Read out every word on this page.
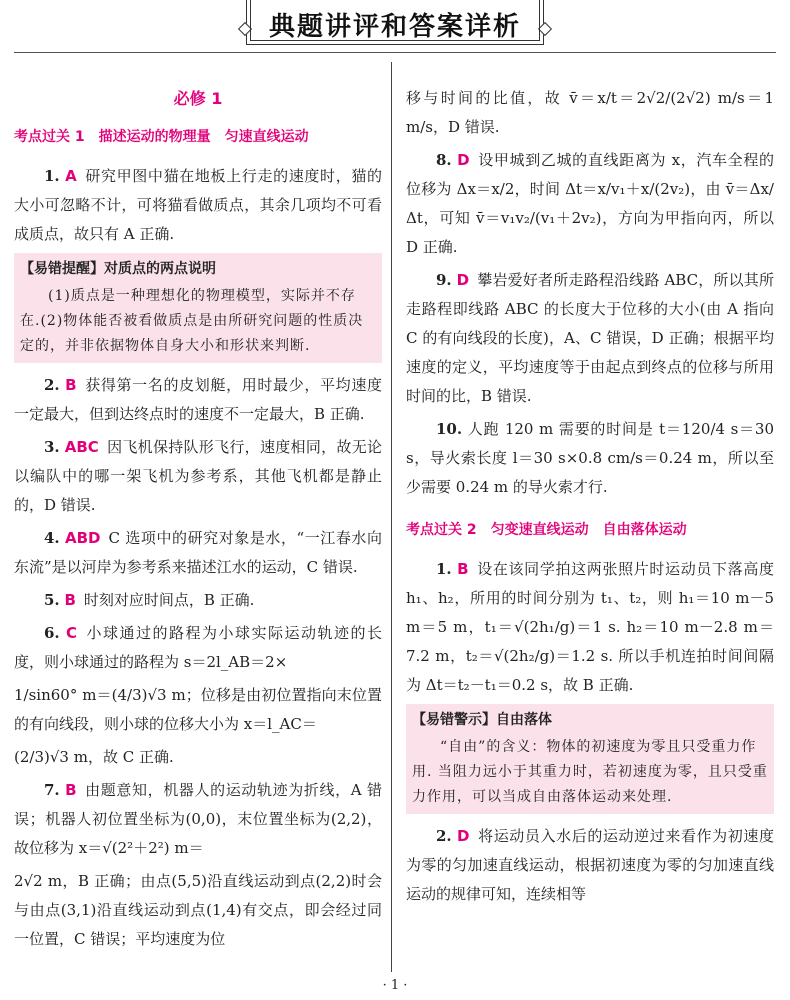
典题讲评和答案详析
必修 1
考点过关 1　描述运动的物理量　匀速直线运动

1. A 研究甲图中猫在地板上行走的速度时，猫的大小可忽略不计，可将猫看做质点，其余几项均不可看成质点，故只有 A 正确.

【易错提醒】对质点的两点说明
(1)质点是一种理想化的物理模型，实际并不存在.(2)物体能否被看做质点是由所研究问题的性质决定的，并非依据物体自身大小和形状来判断.

2. B 获得第一名的皮划艇，用时最少，平均速度一定最大，但到达终点时的速度不一定最大，B 正确.

3. ABC 因飞机保持队形飞行，速度相同，故无论以编队中的哪一架飞机为参考系，其他飞机都是静止的，D 错误.

4. ABD C 选项中的研究对象是水，“一江春水向东流”是以河岸为参考系来描述江水的运动，C 错误.

5. B 时刻对应时间点，B 正确.

6. C 小球通过的路程为小球实际运动轨迹的长度，则小球通过的路程为 s＝2l_AB＝2×

1/sin60° m＝(4/3)√3 m；位移是由初位置指向末位置的有向线段，则小球的位移大小为 x＝l_AC＝

(2/3)√3 m，故 C 正确.

7. B 由题意知，机器人的运动轨迹为折线，A 错误；机器人初位置坐标为(0,0)，末位置坐标为(2,2)，故位移为 x＝√(2²＋2²) m＝

2√2 m，B 正确；由点(5,5)沿直线运动到点(2,2)时会与由点(3,1)沿直线运动到点(1,4)有交点，即会经过同一位置，C 错误；平均速度为位

移与时间的比值，故 v̄＝x/t＝2√2/(2√2) m/s＝1 m/s，D 错误.

8. D 设甲城到乙城的直线距离为 x，汽车全程的位移为 Δx＝x/2，时间 Δt＝x/v₁＋x/(2v₂)，由 v̄＝Δx/Δt，可知 v̄＝v₁v₂/(v₁＋2v₂)，方向为甲指向丙，所以 D 正确.

9. D 攀岩爱好者所走路程沿线路 ABC，所以其所走路程即线路 ABC 的长度大于位移的大小(由 A 指向 C 的有向线段的长度)，A、C 错误，D 正确；根据平均速度的定义，平均速度等于由起点到终点的位移与所用时间的比，B 错误.

10. 人跑 120 m 需要的时间是 t＝120/4 s＝30 s，导火索长度 l＝30 s×0.8 cm/s＝0.24 m，所以至少需要 0.24 m 的导火索才行.

考点过关 2　匀变速直线运动　自由落体运动

1. B 设在该同学拍这两张照片时运动员下落高度 h₁、h₂，所用的时间分别为 t₁、t₂，则 h₁＝10 m－5 m＝5 m，t₁＝√(2h₁/g)＝1 s. h₂＝10 m－2.8 m＝7.2 m，t₂＝√(2h₂/g)＝1.2 s. 所以手机连拍时间间隔为 Δt＝t₂－t₁＝0.2 s，故 B 正确.

【易错警示】自由落体
“自由”的含义：物体的初速度为零且只受重力作用. 当阻力远小于其重力时，若初速度为零，且只受重力作用，可以当成自由落体运动来处理.

2. D 将运动员入水后的运动逆过来看作为初速度为零的匀加速直线运动，根据初速度为零的匀加速直线运动的规律可知，连续相等

· 1 ·
